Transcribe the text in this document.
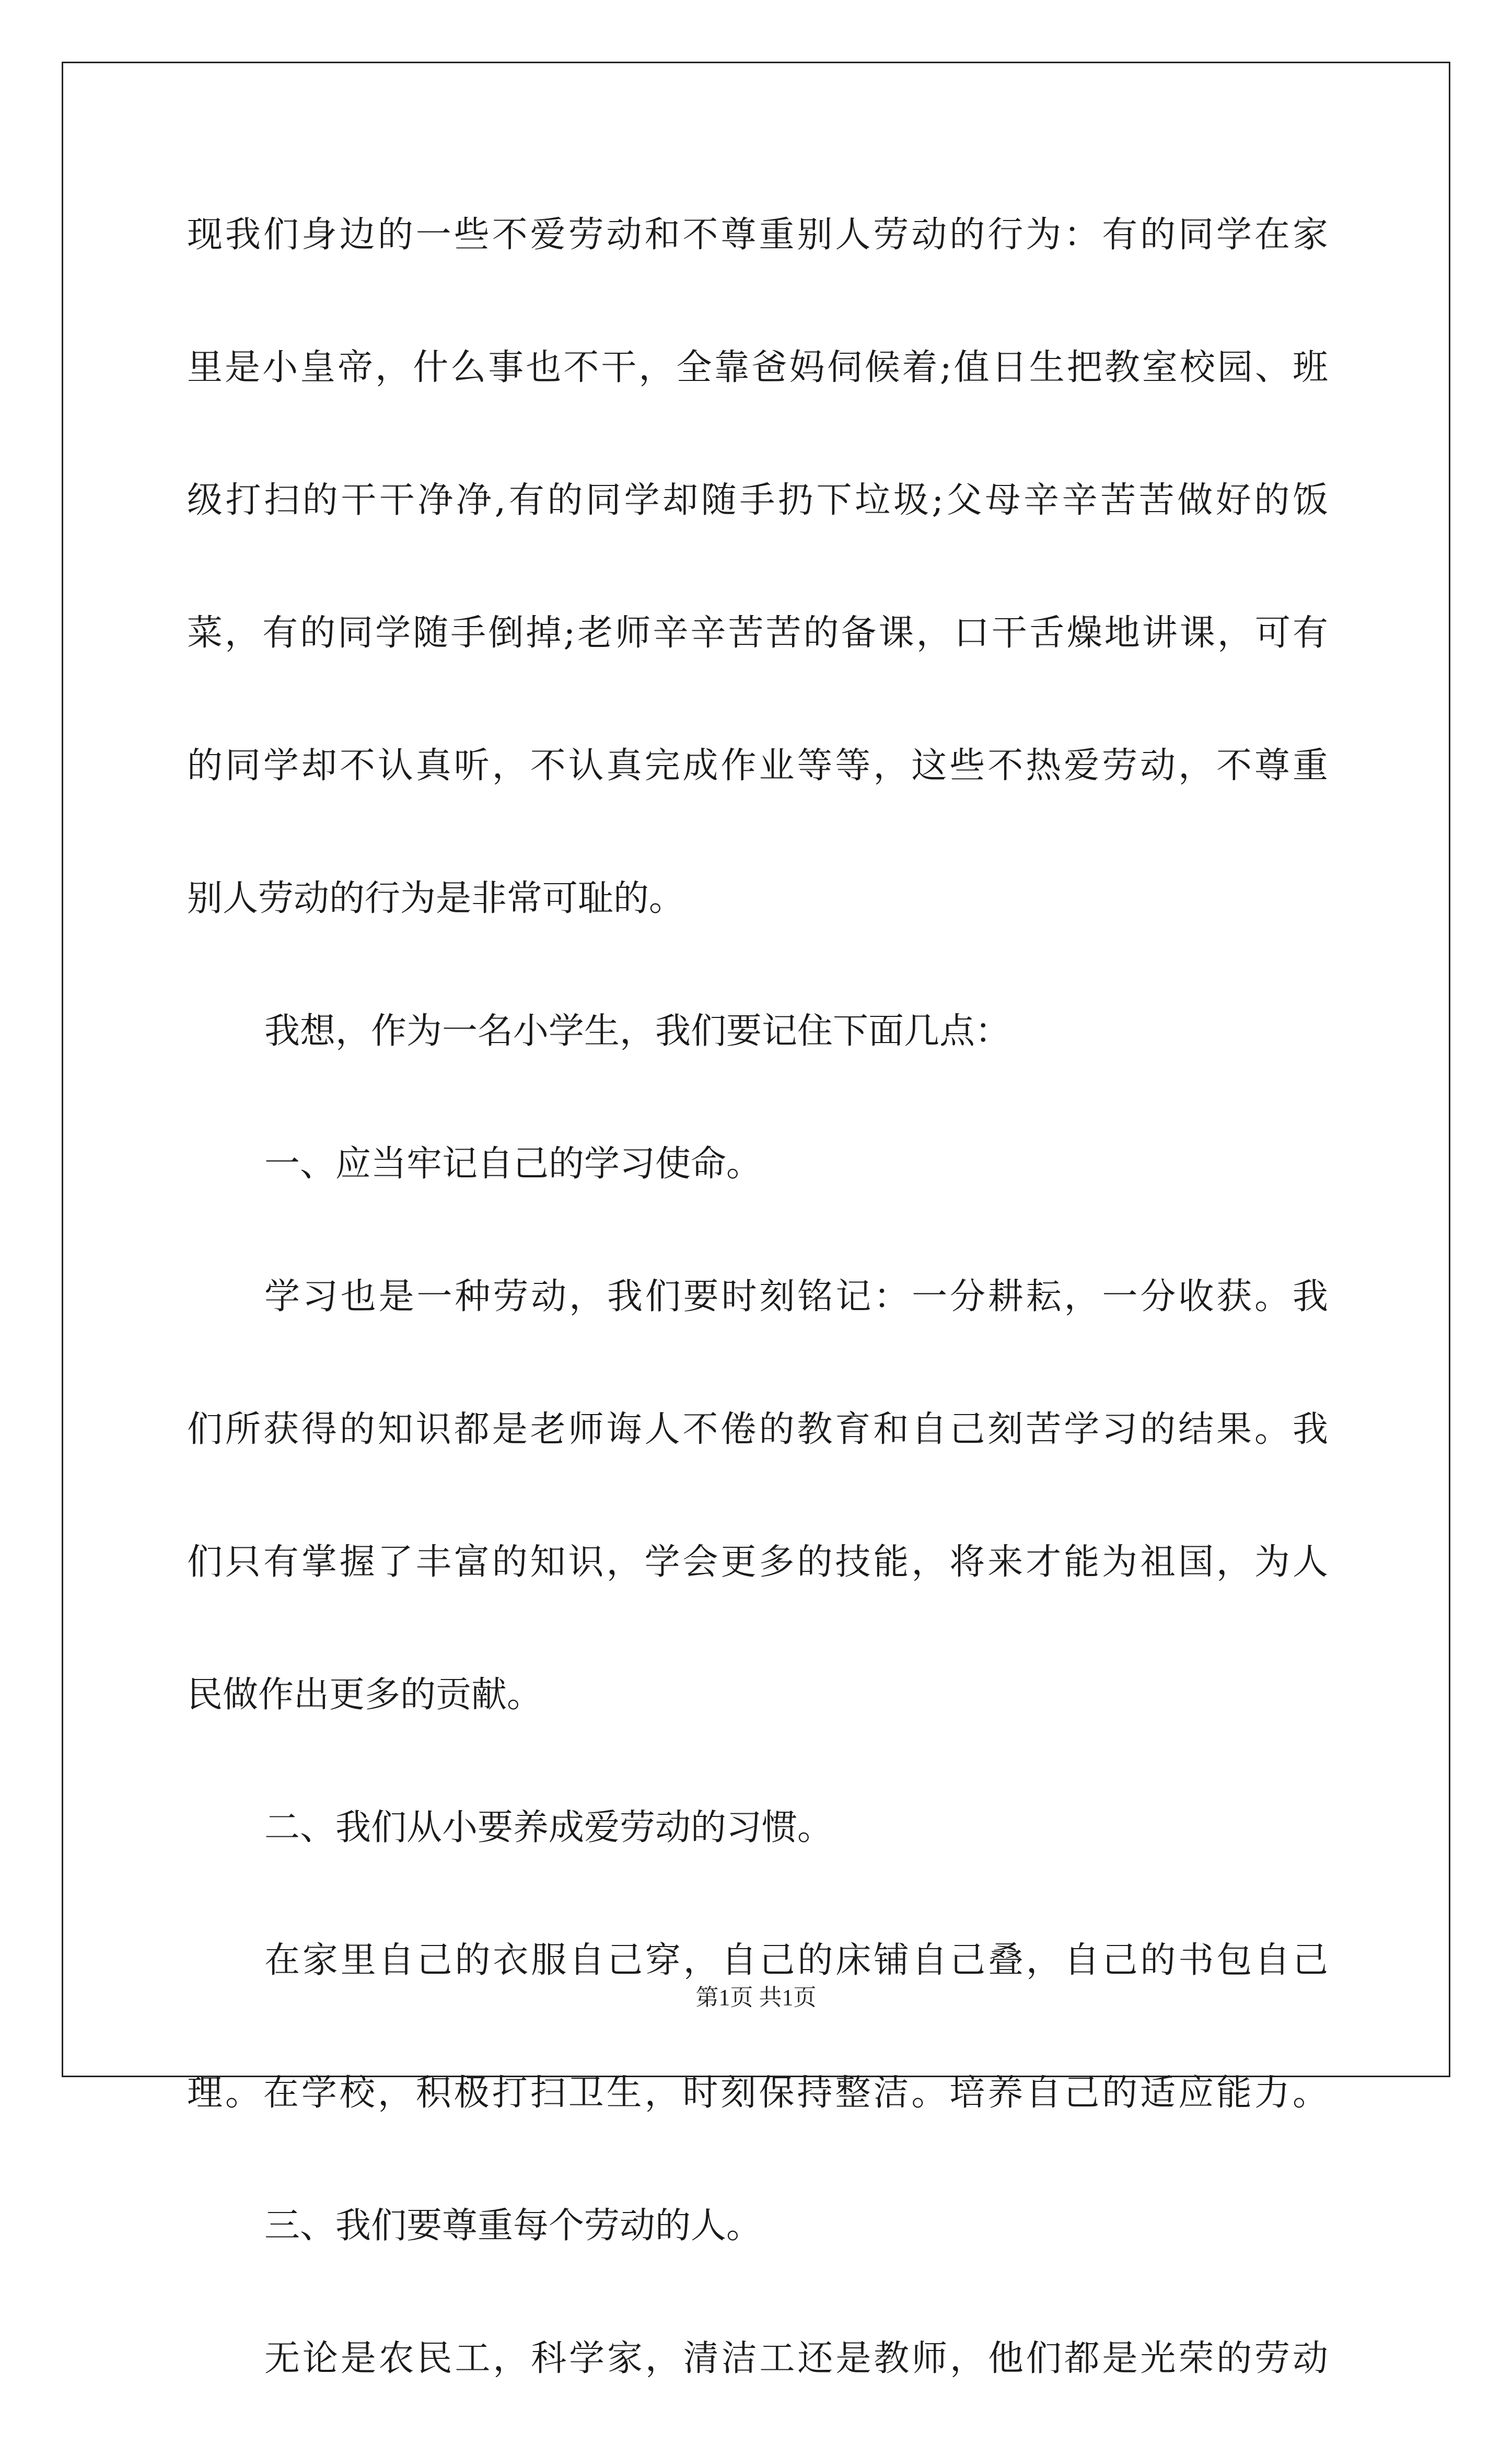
现我们身边的一些不爱劳动和不尊重别人劳动的行为：有的同学在家
里是小皇帝，什么事也不干，全靠爸妈伺候着;值日生把教室校园、班
级打扫的干干净净,有的同学却随手扔下垃圾;父母辛辛苦苦做好的饭
菜，有的同学随手倒掉;老师辛辛苦苦的备课，口干舌燥地讲课，可有
的同学却不认真听，不认真完成作业等等，这些不热爱劳动，不尊重
别人劳动的行为是非常可耻的。
我想，作为一名小学生，我们要记住下面几点：
一、应当牢记自己的学习使命。
学习也是一种劳动，我们要时刻铭记：一分耕耘，一分收获。我
们所获得的知识都是老师诲人不倦的教育和自己刻苦学习的结果。我
们只有掌握了丰富的知识，学会更多的技能，将来才能为祖国，为人
民做作出更多的贡献。
二、我们从小要养成爱劳动的习惯。
在家里自己的衣服自己穿，自己的床铺自己叠，自己的书包自己
理。在学校，积极打扫卫生，时刻保持整洁。培养自己的适应能力。
三、我们要尊重每个劳动的人。
无论是农民工，科学家，清洁工还是教师，他们都是光荣的劳动
第1页 共1页
